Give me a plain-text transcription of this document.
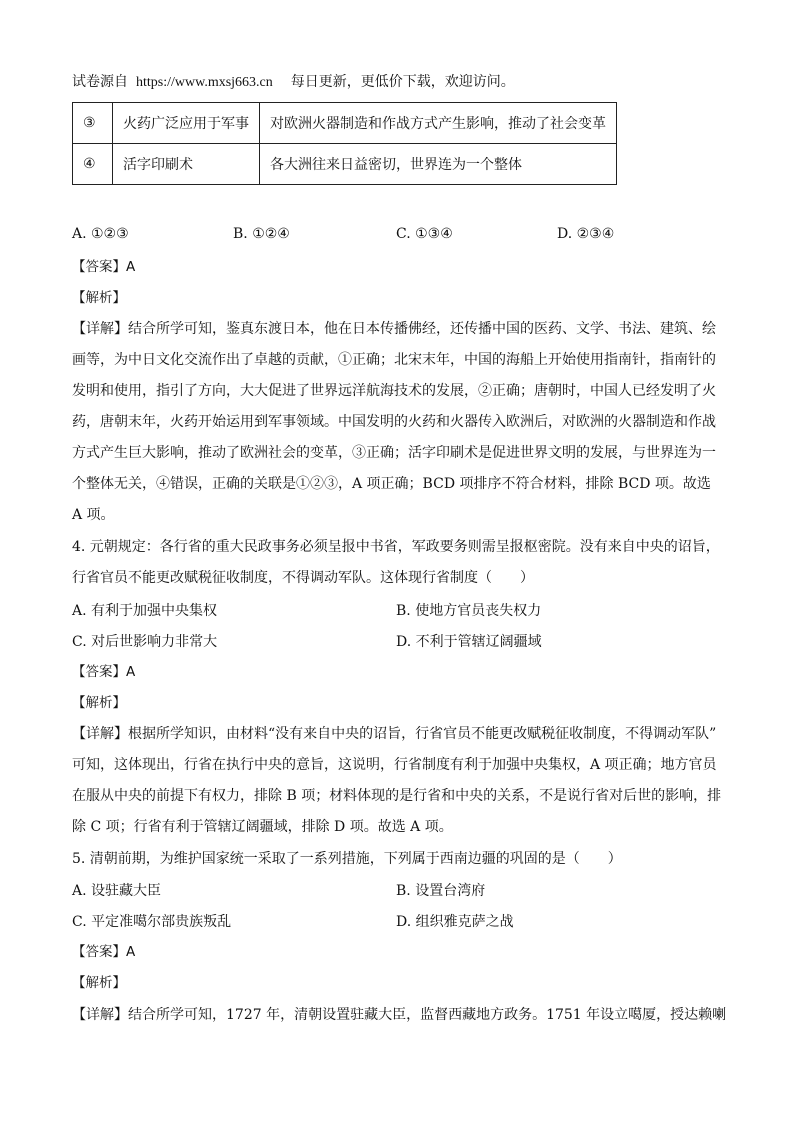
试卷源自 https://www.mxsj663.cn 每日更新，更低价下载，欢迎访问。
③	火药广泛应用于军事	对欧洲火器制造和作战方式产生影响，推动了社会变革
④	活字印刷术	各大洲往来日益密切，世界连为一个整体
A. ①②③	B. ①②④	C. ①③④	D. ②③④
【答案】A
【解析】
【详解】结合所学可知，鉴真东渡日本，他在日本传播佛经，还传播中国的医药、文学、书法、建筑、绘
画等，为中日文化交流作出了卓越的贡献，①正确；北宋末年，中国的海船上开始使用指南针，指南针的
发明和使用，指引了方向，大大促进了世界远洋航海技术的发展，②正确；唐朝时，中国人已经发明了火
药，唐朝末年，火药开始运用到军事领域。中国发明的火药和火器传入欧洲后，对欧洲的火器制造和作战
方式产生巨大影响，推动了欧洲社会的变革，③正确；活字印刷术是促进世界文明的发展，与世界连为一
个整体无关，④错误，正确的关联是①②③，A 项正确；BCD 项排序不符合材料，排除 BCD 项。故选
A 项。
4. 元朝规定：各行省的重大民政事务必须呈报中书省，军政要务则需呈报枢密院。没有来自中央的诏旨，
行省官员不能更改赋税征收制度，不得调动军队。这体现行省制度（　　）
A. 有利于加强中央集权	B. 使地方官员丧失权力
C. 对后世影响力非常大	D. 不利于管辖辽阔疆域
【答案】A
【解析】
【详解】根据所学知识，由材料“没有来自中央的诏旨，行省官员不能更改赋税征收制度，不得调动军队”
可知，这体现出，行省在执行中央的意旨，这说明，行省制度有利于加强中央集权，A 项正确；地方官员
在服从中央的前提下有权力，排除 B 项；材料体现的是行省和中央的关系，不是说行省对后世的影响，排
除 C 项；行省有利于管辖辽阔疆域，排除 D 项。故选 A 项。
5. 清朝前期，为维护国家统一采取了一系列措施，下列属于西南边疆的巩固的是（　　）
A. 设驻藏大臣	B. 设置台湾府
C. 平定准噶尔部贵族叛乱	D. 组织雅克萨之战
【答案】A
【解析】
【详解】结合所学可知，1727 年，清朝设置驻藏大臣，监督西藏地方政务。1751 年设立噶厦，授达赖喇
